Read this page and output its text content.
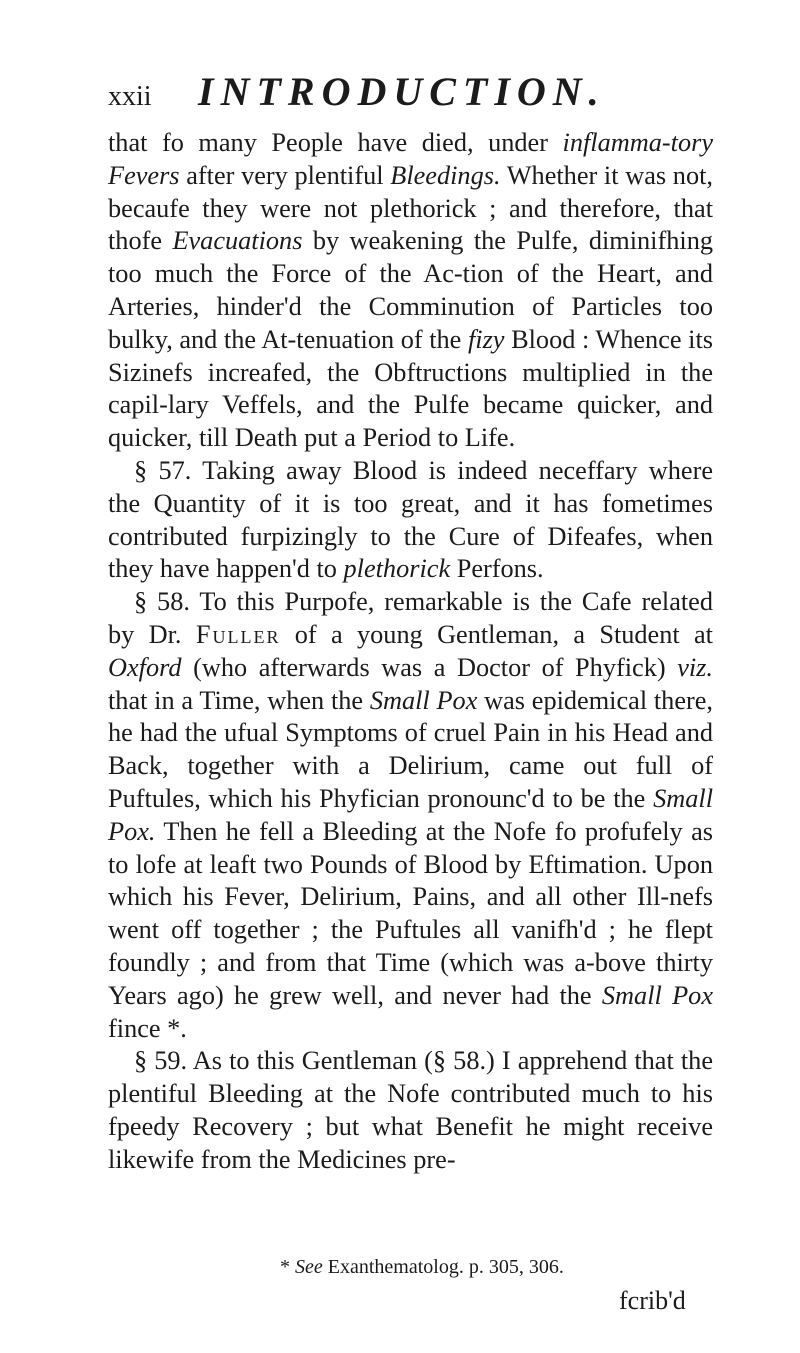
xxii	INTRODUCTION.

that fo many People have died, under inflamma-tory Fevers after very plentiful Bleedings. Whether it was not, becaufe they were not plethorick ; and therefore, that thofe Evacuations by weakening the Pulfe, diminifhing too much the Force of the Ac-tion of the Heart, and Arteries, hinder'd the Comminution of Particles too bulky, and the At-tenuation of the fizy Blood : Whence its Sizinefs increafed, the Obftructions multiplied in the capil-lary Veffels, and the Pulfe became quicker, and quicker, till Death put a Period to Life.

§ 57. Taking away Blood is indeed neceffary where the Quantity of it is too great, and it has fometimes contributed furpizingly to the Cure of Difeafes, when they have happen'd to plethorick Perfons.

§ 58. To this Purpofe, remarkable is the Cafe related by Dr. Fuller of a young Gentleman, a Student at Oxford (who afterwards was a Doctor of Phyfick) viz. that in a Time, when the Small Pox was epidemical there, he had the ufual Symptoms of cruel Pain in his Head and Back, together with a Delirium, came out full of Puftules, which his Phyfician pronounc'd to be the Small Pox. Then he fell a Bleeding at the Nofe fo profufely as to lofe at leaft two Pounds of Blood by Eftimation. Upon which his Fever, Delirium, Pains, and all other Ill-nefs went off together ; the Puftules all vanifh'd ; he flept foundly ; and from that Time (which was a-bove thirty Years ago) he grew well, and never had the Small Pox fince *.

§ 59. As to this Gentleman (§ 58.) I apprehend that the plentiful Bleeding at the Nofe contributed much to his fpeedy Recovery ; but what Benefit he might receive likewife from the Medicines pre-

* See Exanthematolog. p. 305, 306.
fcrib'd
